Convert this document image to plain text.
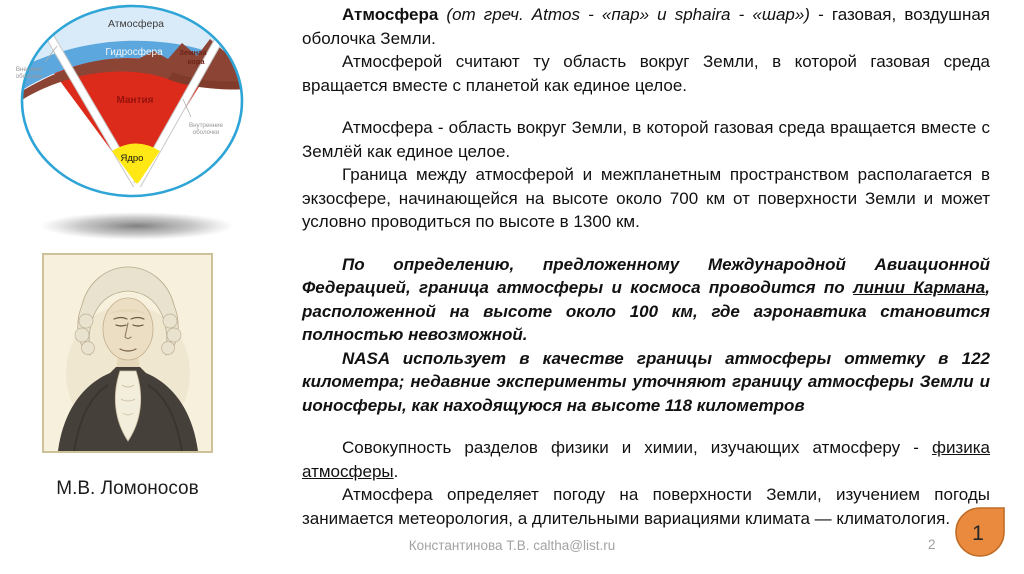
Атмосфера
Гидросфера Земная
кора
Мантия
Ядро
Внешние
оболочки
Внутренние
оболочки
М.В. Ломоносов

Атмосфера (от греч. Atmos - «пар» и sphaira - «шар») - газовая, воздушная оболочка Земли.

Атмосферой считают ту область вокруг Земли, в которой газовая среда вращается вместе с планетой как единое целое.

Атмосфера - область вокруг Земли, в которой газовая среда вращается вместе с Землёй как единое целое.

Граница между атмосферой и межпланетным пространством располагается в экзосфере, начинающейся на высоте около 700 км от поверхности Земли и может условно проводиться по высоте в 1300 км.

По определению, предложенному Международной Авиационной Федерацией, граница атмосферы и космоса проводится по линии Кармана, расположенной на высоте около 100 км, где аэронавтика становится полностью невозможной.

NASA использует в качестве границы атмосферы отметку в 122 километра; недавние эксперименты уточняют границу атмосферы Земли и ионосферы, как находящуюся на высоте 118 километров

Совокупность разделов физики и химии, изучающих атмосферу - физика атмосферы.

Атмосфера определяет погоду на поверхности Земли, изучением погоды занимается метеорология, а длительными вариациями климата — климатология.

Константинова Т.В. caltha@list.ru	2 1
